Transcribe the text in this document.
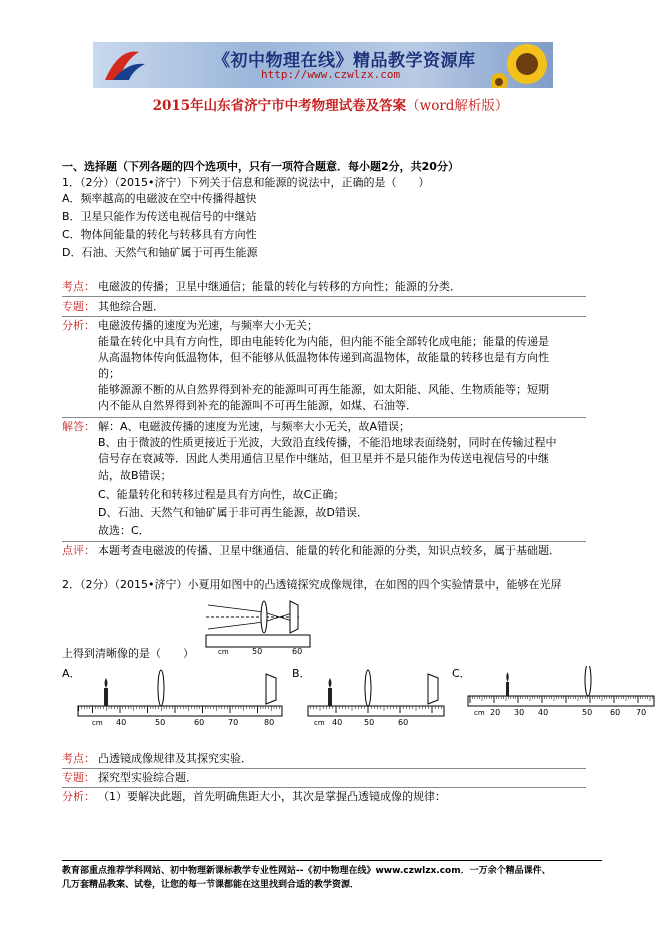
《初中物理在线》精品教学资源库
http://www.czwlzx.com
2015年山东省济宁市中考物理试卷及答案（word解析版）
一、选择题（下列各题的四个选项中，只有一项符合题意．每小题2分，共20分）
1．（2分）（2015•济宁）下列关于信息和能源的说法中，正确的是（　　）
A．频率越高的电磁波在空中传播得越快
B．卫星只能作为传送电视信号的中继站
C．物体间能量的转化与转移具有方向性
D．石油、天然气和铀矿属于可再生能源
考点： 电磁波的传播；卫星中继通信；能量的转化与转移的方向性；能源的分类．
专题： 其他综合题．
分析： 电磁波传播的速度为光速，与频率大小无关；
能量在转化中具有方向性，即由电能转化为内能，但内能不能全部转化成电能；能量的传递是
从高温物体传向低温物体，但不能够从低温物体传递到高温物体，故能量的转移也是有方向性
的；
能够源源不断的从自然界得到补充的能源叫可再生能源，如太阳能、风能、生物质能等；短期
内不能从自然界得到补充的能源叫不可再生能源，如煤、石油等．
解答： 解：A、电磁波传播的速度为光速，与频率大小无关，故A错误；
B、由于微波的性质更接近于光波，大致沿直线传播，不能沿地球表面绕射，同时在传输过程中
信号存在衰减等．因此人类用通信卫星作中继站，但卫星并不是只能作为传送电视信号的中继
站，故B错误；
C、能量转化和转移过程是具有方向性，故C正确；
D、石油、天然气和铀矿属于非可再生能源，故D错误．
故选：C．
点评： 本题考查电磁波的传播、卫星中继通信、能量的转化和能源的分类，知识点较多，属于基础题．
2．（2分）（2015•济宁）小夏用如图中的凸透镜探究成像规律，在如图的四个实验情景中，能够在光屏
cm	50	60
上得到清晰像的是（　　）
A．
cm 40	50	60	70	80
B．
cm 40	50	60
C．
cm 20 30 40	50 60 70
考点： 凸透镜成像规律及其探究实验．
专题： 探究型实验综合题．
分析： （1）要解决此题，首先明确焦距大小，其次是掌握凸透镜成像的规律：
教育部重点推荐学科网站、初中物理新课标教学专业性网站--《初中物理在线》www.czwlzx.com．一万余个精品课件、
几万套精品教案、试卷，让您的每一节课都能在这里找到合适的教学资源．
